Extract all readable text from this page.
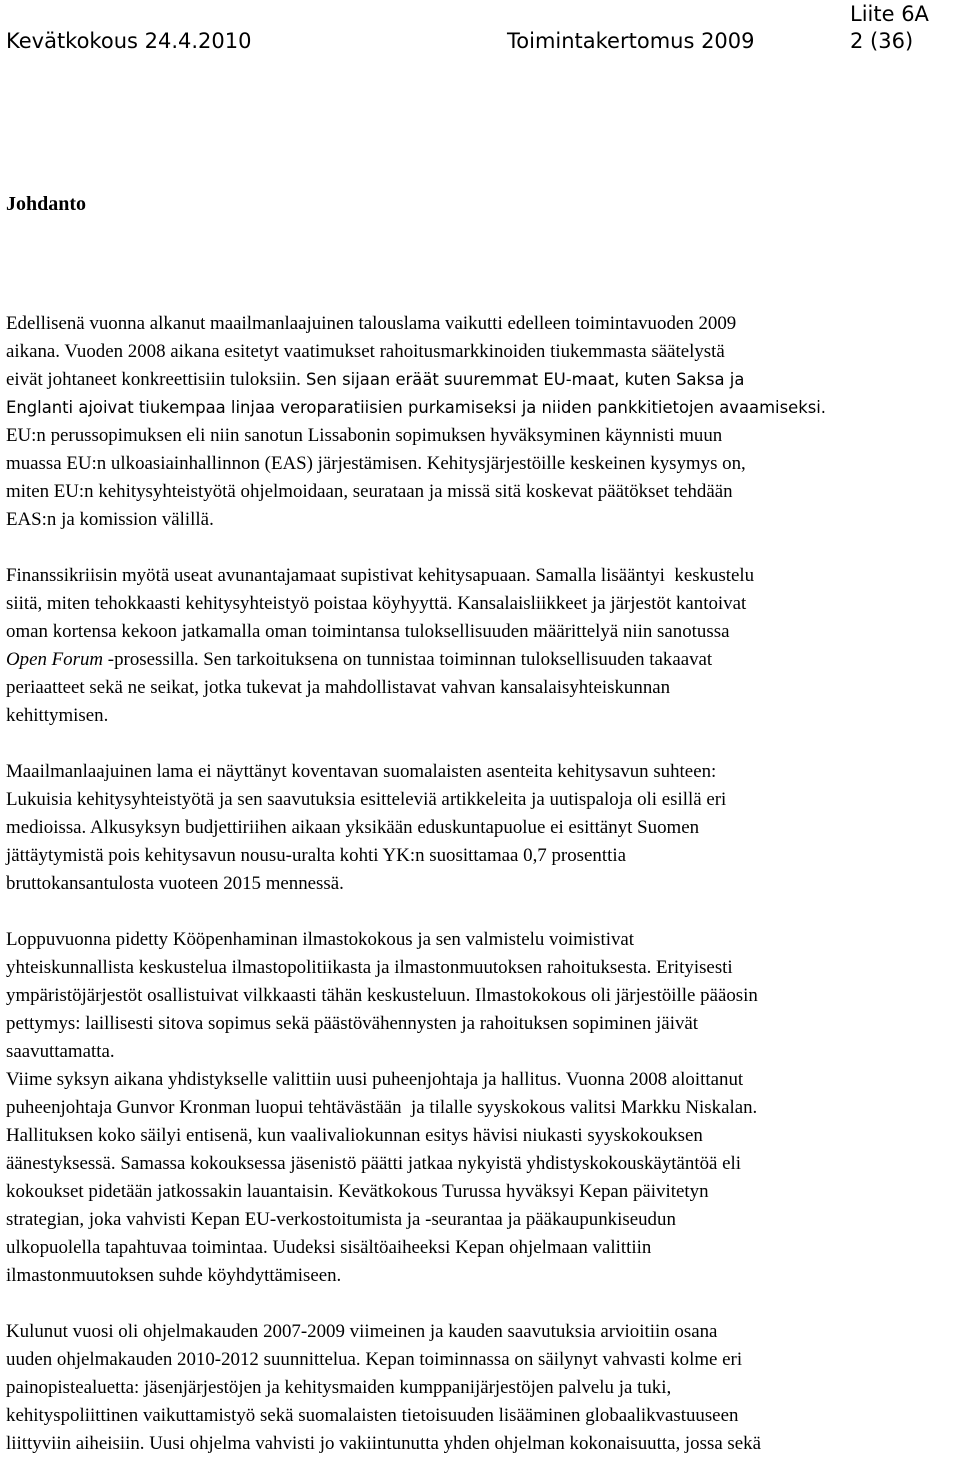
Liite 6A
Kevätkokous 24.4.2010	Toimintakertomus 2009	2 (36)
Johdanto
Edellisenä vuonna alkanut maailmanlaajuinen talouslama vaikutti edelleen toimintavuoden 2009
aikana. Vuoden 2008 aikana esitetyt vaatimukset rahoitusmarkkinoiden tiukemmasta säätelystä
eivät johtaneet konkreettisiin tuloksiin. Sen sijaan eräät suuremmat EU-maat, kuten Saksa ja
Englanti ajoivat tiukempaa linjaa veroparatiisien purkamiseksi ja niiden pankkitietojen avaamiseksi.
EU:n perussopimuksen eli niin sanotun Lissabonin sopimuksen hyväksyminen käynnisti muun
muassa EU:n ulkoasiainhallinnon (EAS) järjestämisen. Kehitysjärjestöille keskeinen kysymys on,
miten EU:n kehitysyhteistyötä ohjelmoidaan, seurataan ja missä sitä koskevat päätökset tehdään
EAS:n ja komission välillä.
Finanssikriisin myötä useat avunantajamaat supistivat kehitysapuaan. Samalla lisääntyi  keskustelu
siitä, miten tehokkaasti kehitysyhteistyö poistaa köyhyyttä. Kansalaisliikkeet ja järjestöt kantoivat
oman kortensa kekoon jatkamalla oman toimintansa tuloksellisuuden määrittelyä niin sanotussa
Open Forum -prosessilla. Sen tarkoituksena on tunnistaa toiminnan tuloksellisuuden takaavat
periaatteet sekä ne seikat, jotka tukevat ja mahdollistavat vahvan kansalaisyhteiskunnan
kehittymisen.
Maailmanlaajuinen lama ei näyttänyt koventavan suomalaisten asenteita kehitysavun suhteen:
Lukuisia kehitysyhteistyötä ja sen saavutuksia esitteleviä artikkeleita ja uutispaloja oli esillä eri
medioissa. Alkusyksyn budjettiriihen aikaan yksikään eduskuntapuolue ei esittänyt Suomen
jättäytymistä pois kehitysavun nousu-uralta kohti YK:n suosittamaa 0,7 prosenttia
bruttokansantulosta vuoteen 2015 mennessä.
Loppuvuonna pidetty Kööpenhaminan ilmastokokous ja sen valmistelu voimistivat
yhteiskunnallista keskustelua ilmastopolitiikasta ja ilmastonmuutoksen rahoituksesta. Erityisesti
ympäristöjärjestöt osallistuivat vilkkaasti tähän keskusteluun. Ilmastokokous oli järjestöille pääosin
pettymys: laillisesti sitova sopimus sekä päästövähennysten ja rahoituksen sopiminen jäivät
saavuttamatta.
Viime syksyn aikana yhdistykselle valittiin uusi puheenjohtaja ja hallitus. Vuonna 2008 aloittanut
puheenjohtaja Gunvor Kronman luopui tehtävästään  ja tilalle syyskokous valitsi Markku Niskalan.
Hallituksen koko säilyi entisenä, kun vaalivaliokunnan esitys hävisi niukasti syyskokouksen
äänestyksessä. Samassa kokouksessa jäsenistö päätti jatkaa nykyistä yhdistyskokouskäytäntöä eli
kokoukset pidetään jatkossakin lauantaisin. Kevätkokous Turussa hyväksyi Kepan päivitetyn
strategian, joka vahvisti Kepan EU-verkostoitumista ja -seurantaa ja pääkaupunkiseudun
ulkopuolella tapahtuvaa toimintaa. Uudeksi sisältöaiheeksi Kepan ohjelmaan valittiin
ilmastonmuutoksen suhde köyhdyttämiseen.
Kulunut vuosi oli ohjelmakauden 2007-2009 viimeinen ja kauden saavutuksia arvioitiin osana
uuden ohjelmakauden 2010-2012 suunnittelua. Kepan toiminnassa on säilynyt vahvasti kolme eri
painopistealuetta: jäsenjärjestöjen ja kehitysmaiden kumppanijärjestöjen palvelu ja tuki,
kehityspoliittinen vaikuttamistyö sekä suomalaisten tietoisuuden lisääminen globaalikvastuuseen
liittyviin aiheisiin. Uusi ohjelma vahvisti jo vakiintunutta yhden ohjelman kokonaisuutta, jossa sekä
